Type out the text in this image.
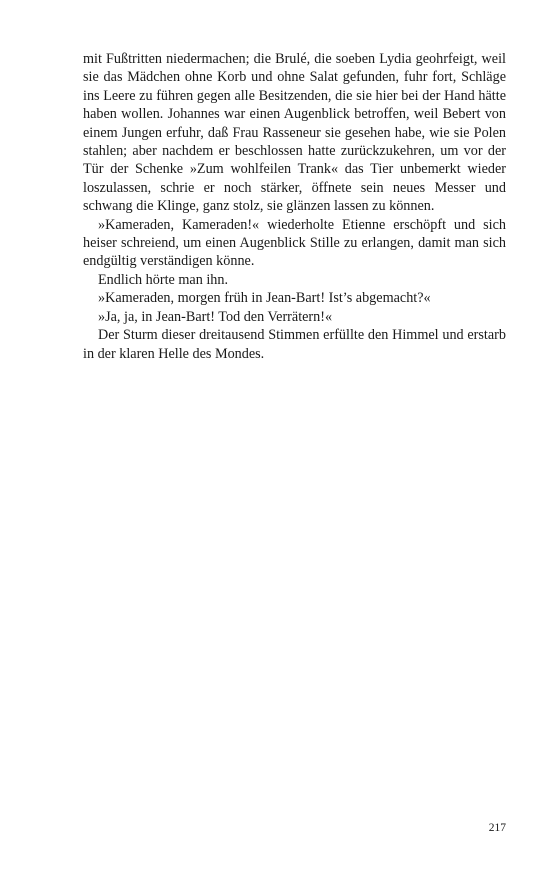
mit Fußtritten niedermachen; die Brulé, die soeben Lydia geohrfeigt, weil sie das Mädchen ohne Korb und ohne Salat gefunden, fuhr fort, Schläge ins Leere zu führen gegen alle Besitzenden, die sie hier bei der Hand hätte haben wollen. Johannes war einen Augenblick betroffen, weil Bebert von einem Jungen erfuhr, daß Frau Rasseneur sie gesehen habe, wie sie Polen stahlen; aber nachdem er beschlossen hatte zurückzukehren, um vor der Tür der Schenke »Zum wohlfeilen Trank« das Tier unbemerkt wieder loszulassen, schrie er noch stärker, öffnete sein neues Messer und schwang die Klinge, ganz stolz, sie glänzen lassen zu können.

»Kameraden, Kameraden!« wiederholte Etienne erschöpft und sich heiser schreiend, um einen Augenblick Stille zu erlangen, damit man sich endgültig verständigen könne.

Endlich hörte man ihn.

»Kameraden, morgen früh in Jean-Bart! Ist’s abgemacht?«

»Ja, ja, in Jean-Bart! Tod den Verrätern!«

Der Sturm dieser dreitausend Stimmen erfüllte den Himmel und erstarb in der klaren Helle des Mondes.

217
